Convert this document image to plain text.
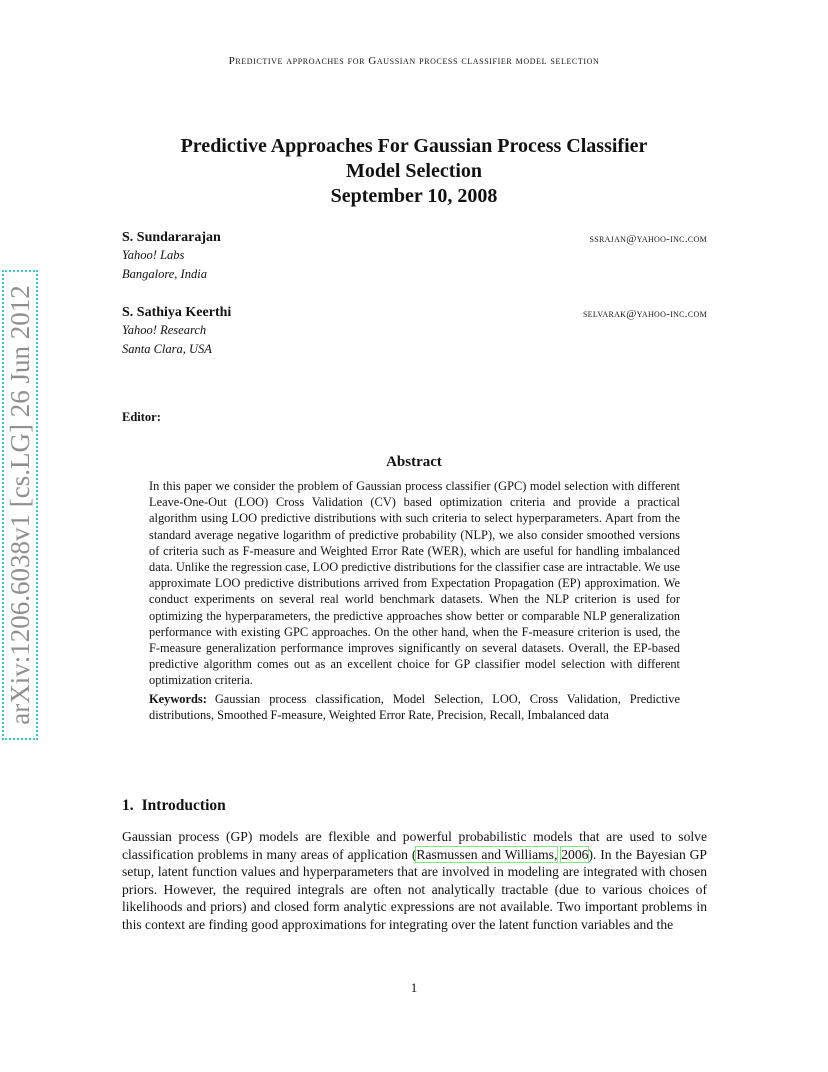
Predictive approaches for Gaussian process classifier model selection
arXiv:1206.6038v1 [cs.LG] 26 Jun 2012
Predictive Approaches For Gaussian Process Classifier
Model Selection
September 10, 2008
S. Sundararajan
Yahoo! Labs
Bangalore, India
ssrajan@yahoo-inc.com
S. Sathiya Keerthi
Yahoo! Research
Santa Clara, USA
selvarak@yahoo-inc.com
Editor:
Abstract
In this paper we consider the problem of Gaussian process classifier (GPC) model selection with different Leave-One-Out (LOO) Cross Validation (CV) based optimization criteria and provide a practical algorithm using LOO predictive distributions with such criteria to select hyperparameters. Apart from the standard average negative logarithm of predictive probability (NLP), we also consider smoothed versions of criteria such as F-measure and Weighted Error Rate (WER), which are useful for handling imbalanced data. Unlike the regression case, LOO predictive distributions for the classifier case are intractable. We use approximate LOO predictive distributions arrived from Expectation Propagation (EP) approximation. We conduct experiments on several real world benchmark datasets. When the NLP criterion is used for optimizing the hyperparameters, the predictive approaches show better or comparable NLP generalization performance with existing GPC approaches. On the other hand, when the F-measure criterion is used, the F-measure generalization performance improves significantly on several datasets. Overall, the EP-based predictive algorithm comes out as an excellent choice for GP classifier model selection with different optimization criteria.
Keywords: Gaussian process classification, Model Selection, LOO, Cross Validation, Predictive distributions, Smoothed F-measure, Weighted Error Rate, Precision, Recall, Imbalanced data
1. Introduction
Gaussian process (GP) models are flexible and powerful probabilistic models that are used to solve classification problems in many areas of application (Rasmussen and Williams, 2006). In the Bayesian GP setup, latent function values and hyperparameters that are involved in modeling are integrated with chosen priors. However, the required integrals are often not analytically tractable (due to various choices of likelihoods and priors) and closed form analytic expressions are not available. Two important problems in this context are finding good approximations for integrating over the latent function variables and the
1
